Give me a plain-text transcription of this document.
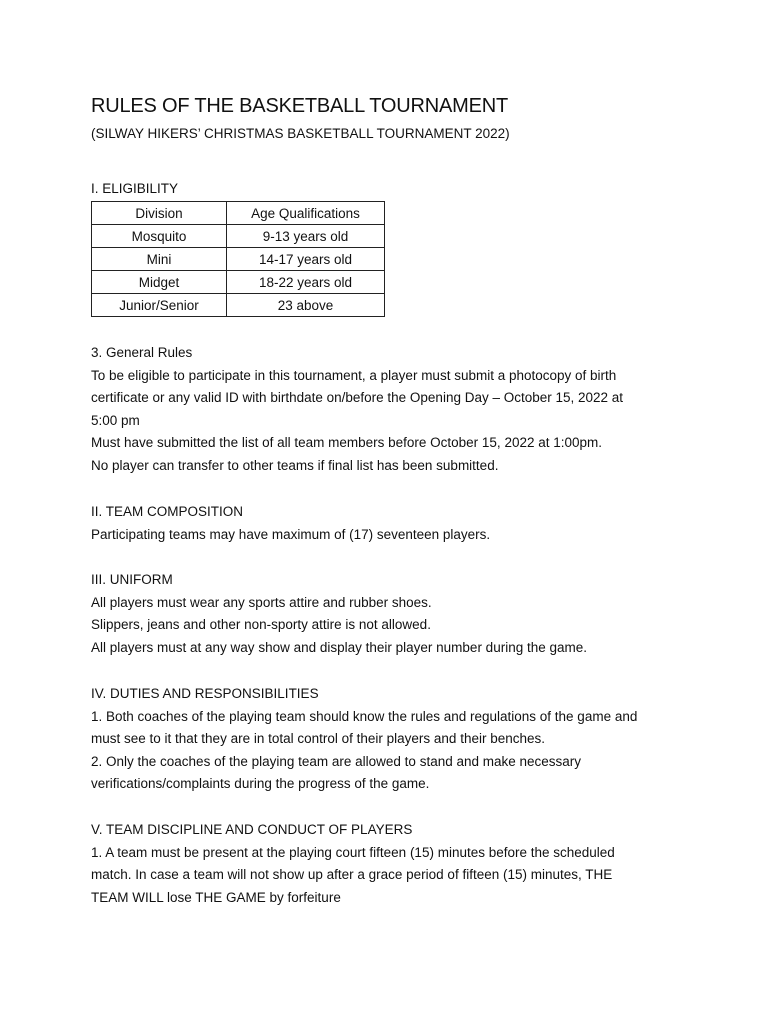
RULES OF THE BASKETBALL TOURNAMENT
(SILWAY HIKERS’ CHRISTMAS BASKETBALL TOURNAMENT 2022)
I. ELIGIBILITY
Division	Age Qualifications
Mosquito	9-13 years old
Mini	14-17 years old
Midget	18-22 years old
Junior/Senior	23 above
3. General Rules
To be eligible to participate in this tournament, a player must submit a photocopy of birth
certificate or any valid ID with birthdate on/before the Opening Day – October 15, 2022 at
5:00 pm
Must have submitted the list of all team members before October 15, 2022 at 1:00pm.
No player can transfer to other teams if final list has been submitted.
II. TEAM COMPOSITION
Participating teams may have maximum of (17) seventeen players.
III. UNIFORM
All players must wear any sports attire and rubber shoes.
Slippers, jeans and other non-sporty attire is not allowed.
All players must at any way show and display their player number during the game.
IV. DUTIES AND RESPONSIBILITIES
1. Both coaches of the playing team should know the rules and regulations of the game and
must see to it that they are in total control of their players and their benches.
2. Only the coaches of the playing team are allowed to stand and make necessary
verifications/complaints during the progress of the game.
V. TEAM DISCIPLINE AND CONDUCT OF PLAYERS
1. A team must be present at the playing court fifteen (15) minutes before the scheduled
match. In case a team will not show up after a grace period of fifteen (15) minutes, THE
TEAM WILL lose THE GAME by forfeiture
